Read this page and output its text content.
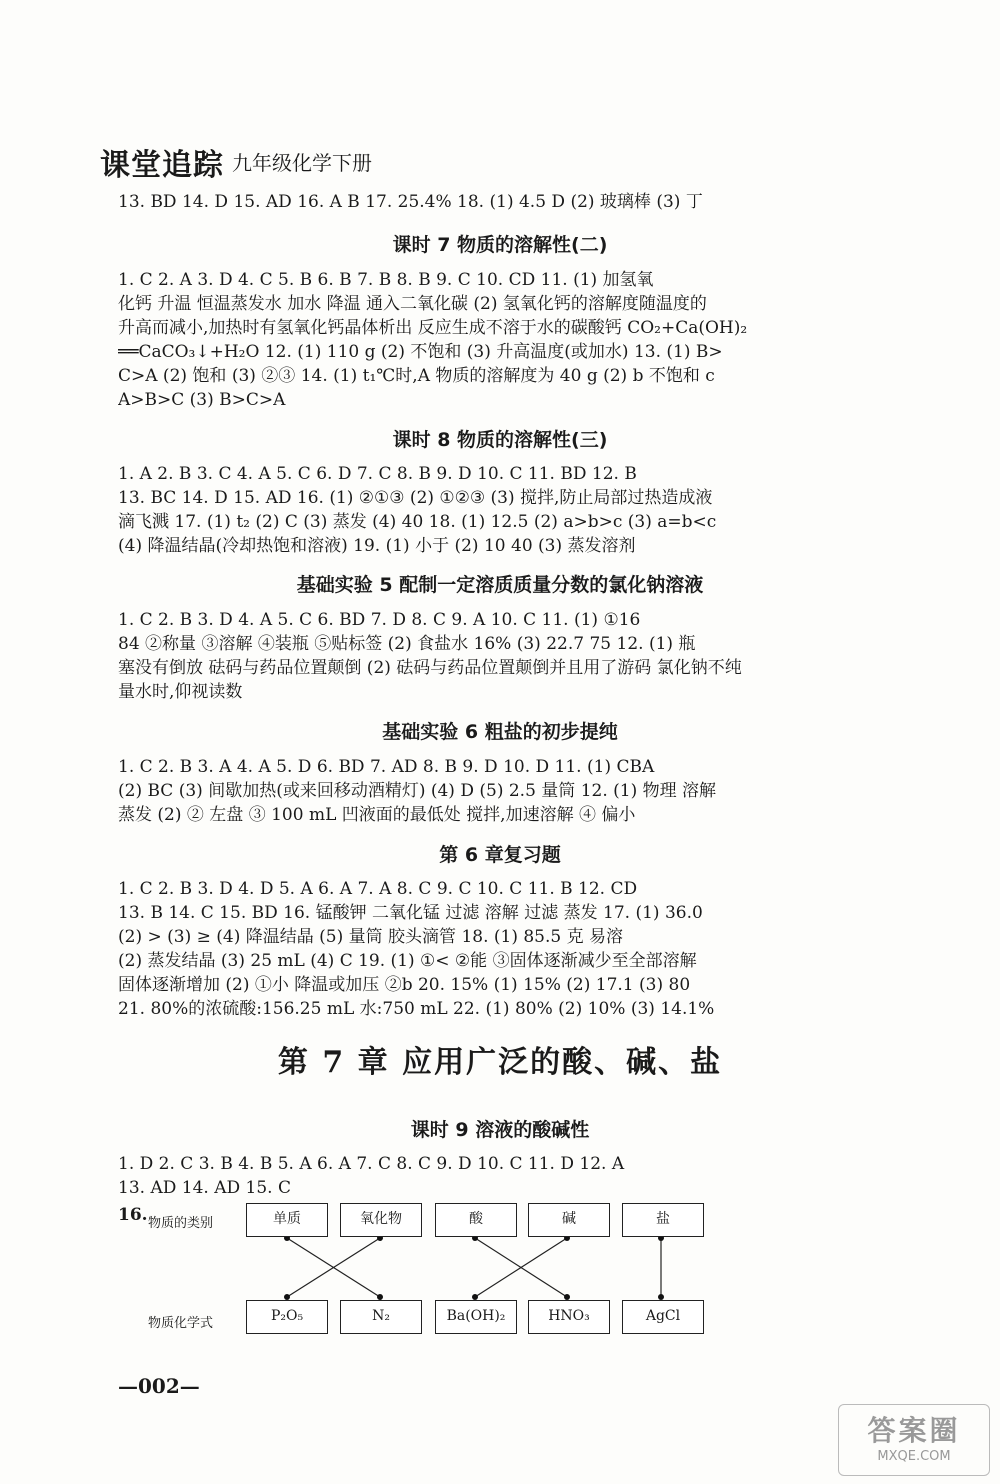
课堂追踪 九年级化学下册
13. BD 14. D 15. AD 16. A B 17. 25.4% 18. (1) 4.5 D (2) 玻璃棒 (3) 丁
课时 7 物质的溶解性(二)
1. C 2. A 3. D 4. C 5. B 6. B 7. B 8. B 9. C 10. CD 11. (1) 加氢氧
化钙 升温 恒温蒸发水 加水 降温 通入二氧化碳 (2) 氢氧化钙的溶解度随温度的
升高而减小,加热时有氢氧化钙晶体析出 反应生成不溶于水的碳酸钙 CO₂+Ca(OH)₂
══CaCO₃↓+H₂O 12. (1) 110 g (2) 不饱和 (3) 升高温度(或加水) 13. (1) B>
C>A (2) 饱和 (3) ②③ 14. (1) t₁℃时,A 物质的溶解度为 40 g (2) b 不饱和 c
A>B>C (3) B>C>A
课时 8 物质的溶解性(三)
1. A 2. B 3. C 4. A 5. C 6. D 7. C 8. B 9. D 10. C 11. BD 12. B
13. BC 14. D 15. AD 16. (1) ②①③ (2) ①②③ (3) 搅拌,防止局部过热造成液
滴飞溅 17. (1) t₂ (2) C (3) 蒸发 (4) 40 18. (1) 12.5 (2) a>b>c (3) a=b<c
(4) 降温结晶(冷却热饱和溶液) 19. (1) 小于 (2) 10 40 (3) 蒸发溶剂
基础实验 5 配制一定溶质质量分数的氯化钠溶液
1. C 2. B 3. D 4. A 5. C 6. BD 7. D 8. C 9. A 10. C 11. (1) ①16
84 ②称量 ③溶解 ④装瓶 ⑤贴标签 (2) 食盐水 16% (3) 22.7 75 12. (1) 瓶
塞没有倒放 砝码与药品位置颠倒 (2) 砝码与药品位置颠倒并且用了游码 氯化钠不纯
量水时,仰视读数
基础实验 6 粗盐的初步提纯
1. C 2. B 3. A 4. A 5. D 6. BD 7. AD 8. B 9. D 10. D 11. (1) CBA
(2) BC (3) 间歇加热(或来回移动酒精灯) (4) D (5) 2.5 量筒 12. (1) 物理 溶解
蒸发 (2) ② 左盘 ③ 100 mL 凹液面的最低处 搅拌,加速溶解 ④ 偏小
第 6 章复习题
1. C 2. B 3. D 4. D 5. A 6. A 7. A 8. C 9. C 10. C 11. B 12. CD
13. B 14. C 15. BD 16. 锰酸钾 二氧化锰 过滤 溶解 过滤 蒸发 17. (1) 36.0
(2) > (3) ≥ (4) 降温结晶 (5) 量筒 胶头滴管 18. (1) 85.5 克 易溶
(2) 蒸发结晶 (3) 25 mL (4) C 19. (1) ①< ②能 ③固体逐渐减少至全部溶解
固体逐渐增加 (2) ①小 降温或加压 ②b 20. 15% (1) 15% (2) 17.1 (3) 80
21. 80%的浓硫酸:156.25 mL 水:750 mL 22. (1) 80% (2) 10% (3) 14.1%
第 7 章 应用广泛的酸、碱、盐
课时 9 溶液的酸碱性
1. D 2. C 3. B 4. B 5. A 6. A 7. C 8. C 9. D 10. C 11. D 12. A
13. AD 14. AD 15. C
16. 物质的类别
物质化学式
单质	氧化物	酸	碱	盐
P₂O₅	N₂	Ba(OH)₂	HNO₃	AgCl
—002—
答案圈
MXQE.COM
